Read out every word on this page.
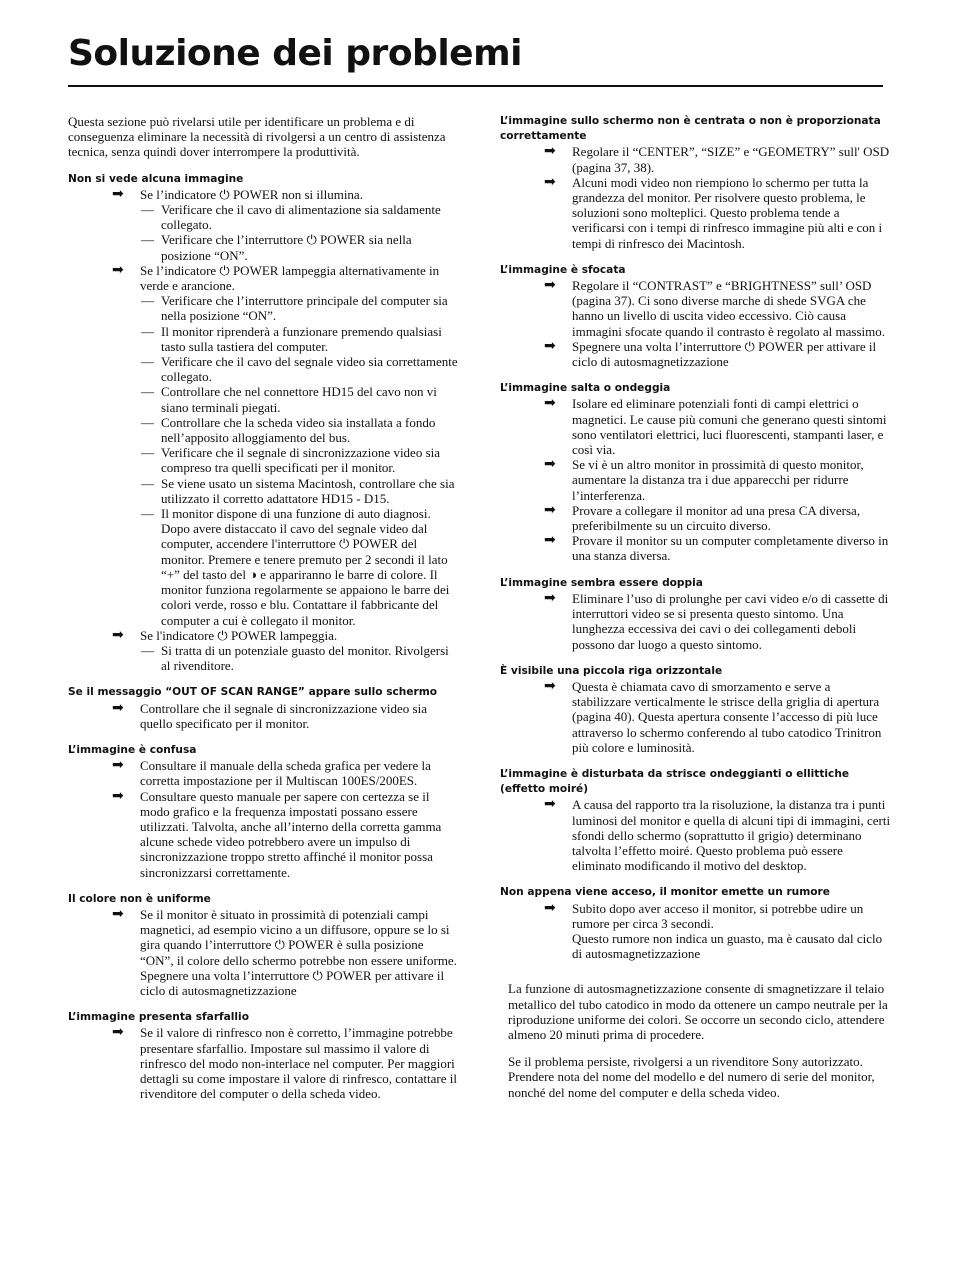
Soluzione dei problemi

Questa sezione può rivelarsi utile per identificare un problema e di conseguenza eliminare la necessità di rivolgersi a un centro di assistenza tecnica, senza quindi dover interrompere la produttività.

Non si vede alcuna immagine

➡ Se l’indicatore ⏻ POWER non si illumina.
— Verificare che il cavo di alimentazione sia saldamente collegato.
— Verificare che l’interruttore ⏻ POWER sia nella posizione “ON”.
➡ Se l’indicatore ⏻ POWER lampeggia alternativamente in verde e arancione.
— Verificare che l’interruttore principale del computer sia nella posizione “ON”.
— Il monitor riprenderà a funzionare premendo qualsiasi tasto sulla tastiera del computer.
— Verificare che il cavo del segnale video sia correttamente collegato.
— Controllare che nel connettore HD15 del cavo non vi siano terminali piegati.
— Controllare che la scheda video sia installata a fondo nell’apposito alloggiamento del bus.
— Verificare che il segnale di sincronizzazione video sia compreso tra quelli specificati per il monitor.
— Se viene usato un sistema Macintosh, controllare che sia utilizzato il corretto adattatore HD15 - D15.
— Il monitor dispone di una funzione di auto diagnosi. Dopo avere distaccato il cavo del segnale video dal computer, accendere l'interruttore ⏻ POWER del monitor. Premere e tenere premuto per 2 secondi il lato “+” del tasto del ◑ e appariranno le barre di colore. Il monitor funziona regolarmente se appaiono le barre dei colori verde, rosso e blu. Contattare il fabbricante del computer a cui è collegato il monitor.
➡ Se l'indicatore ⏻ POWER lampeggia.
— Si tratta di un potenziale guasto del monitor. Rivolgersi al rivenditore.

Se il messaggio “OUT OF SCAN RANGE” appare sullo schermo

➡ Controllare che il segnale di sincronizzazione video sia quello specificato per il monitor.

L’immagine è confusa

➡ Consultare il manuale della scheda grafica per vedere la corretta impostazione per il Multiscan 100ES/200ES.
➡ Consultare questo manuale per sapere con certezza se il modo grafico e la frequenza impostati possano essere utilizzati. Talvolta, anche all’interno della corretta gamma alcune schede video potrebbero avere un impulso di sincronizzazione troppo stretto affinché il monitor possa sincronizzarsi correttamente.

Il colore non è uniforme

➡ Se il monitor è situato in prossimità di potenziali campi magnetici, ad esempio vicino a un diffusore, oppure se lo si gira quando l’interruttore ⏻ POWER è sulla posizione “ON”, il colore dello schermo potrebbe non essere uniforme. Spegnere una volta l’interruttore ⏻ POWER per attivare il ciclo di autosmagnetizzazione

L’immagine presenta sfarfallio

➡ Se il valore di rinfresco non è corretto, l’immagine potrebbe presentare sfarfallio. Impostare sul massimo il valore di rinfresco del modo non-interlace nel computer. Per maggiori dettagli su come impostare il valore di rinfresco, contattare il rivenditore del computer o della scheda video.

L’immagine sullo schermo non è centrata o non è proporzionata correttamente

➡ Regolare il “CENTER”, “SIZE” e “GEOMETRY” sull' OSD (pagina 37, 38).
➡ Alcuni modi video non riempiono lo schermo per tutta la grandezza del monitor. Per risolvere questo problema, le soluzioni sono molteplici. Questo problema tende a verificarsi con i tempi di rinfresco immagine più alti e con i tempi di rinfresco dei Macintosh.

L’immagine è sfocata

➡ Regolare il “CONTRAST” e “BRIGHTNESS” sull’ OSD (pagina 37). Ci sono diverse marche di shede SVGA che hanno un livello di uscita video eccessivo. Ciò causa immagini sfocate quando il contrasto è regolato al massimo.
➡ Spegnere una volta l’interruttore ⏻ POWER per attivare il ciclo di autosmagnetizzazione

L’immagine salta o ondeggia

➡ Isolare ed eliminare potenziali fonti di campi elettrici o magnetici. Le cause più comuni che generano questi sintomi sono ventilatori elettrici, luci fluorescenti, stampanti laser, e così via.
➡ Se vi è un altro monitor in prossimità di questo monitor, aumentare la distanza tra i due apparecchi per ridurre l’interferenza.
➡ Provare a collegare il monitor ad una presa CA diversa, preferibilmente su un circuito diverso.
➡ Provare il monitor su un computer completamente diverso in una stanza diversa.

L’immagine sembra essere doppia

➡ Eliminare l’uso di prolunghe per cavi video e/o di cassette di interruttori video se si presenta questo sintomo. Una lunghezza eccessiva dei cavi o dei collegamenti deboli possono dar luogo a questo sintomo.

È visibile una piccola riga orizzontale

➡ Questa è chiamata cavo di smorzamento e serve a stabilizzare verticalmente le strisce della griglia di apertura (pagina 40). Questa apertura consente l’accesso di più luce attraverso lo schermo conferendo al tubo catodico Trinitron più colore e luminosità.

L’immagine è disturbata da strisce ondeggianti o ellittiche (effetto moiré)

➡ A causa del rapporto tra la risoluzione, la distanza tra i punti luminosi del monitor e quella di alcuni tipi di immagini, certi sfondi dello schermo (soprattutto il grigio) determinano talvolta l’effetto moiré. Questo problema può essere eliminato modificando il motivo del desktop.

Non appena viene acceso, il monitor emette un rumore

➡ Subito dopo aver acceso il monitor, si potrebbe udire un rumore per circa 3 secondi.
Questo rumore non indica un guasto, ma è causato dal ciclo di autosmagnetizzazione

La funzione di autosmagnetizzazione consente di smagnetizzare il telaio metallico del tubo catodico in modo da ottenere un campo neutrale per la riproduzione uniforme dei colori. Se occorre un secondo ciclo, attendere almeno 20 minuti prima di procedere.

Se il problema persiste, rivolgersi a un rivenditore Sony autorizzato.

Prendere nota del nome del modello e del numero di serie del monitor, nonché del nome del computer e della scheda video.
